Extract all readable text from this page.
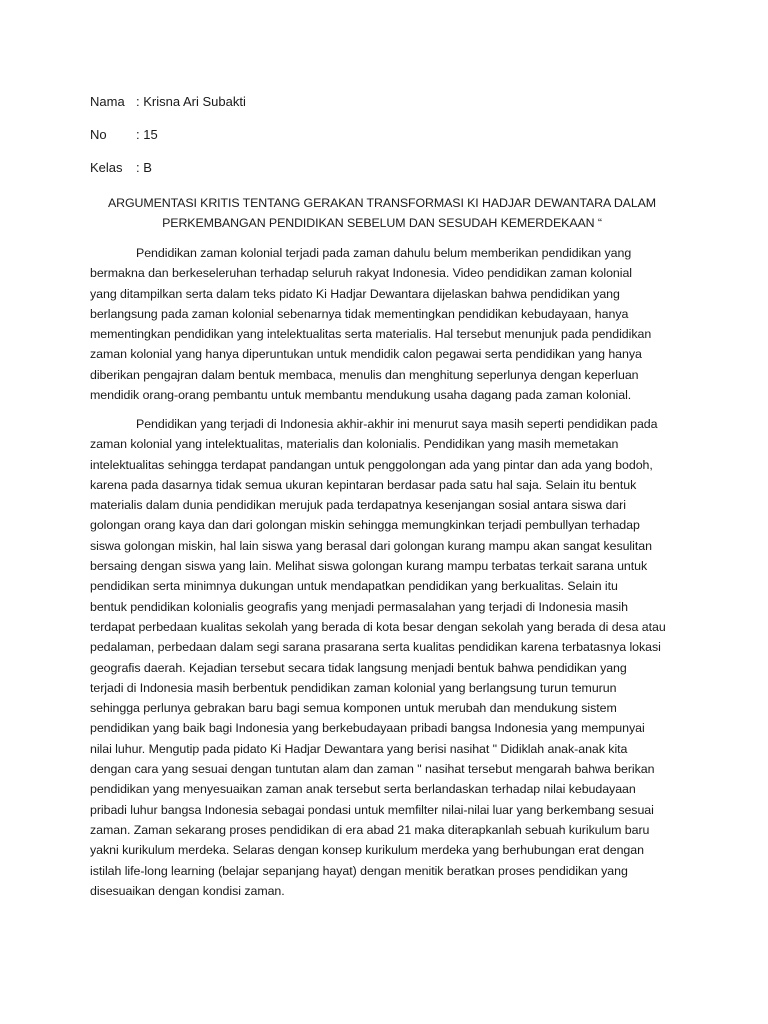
Nama : Krisna Ari Subakti
No : 15
Kelas : B
ARGUMENTASI KRITIS TENTANG GERAKAN TRANSFORMASI KI HADJAR DEWANTARA DALAM
PERKEMBANGAN PENDIDIKAN SEBELUM DAN SESUDAH KEMERDEKAAN “
Pendidikan zaman kolonial terjadi pada zaman dahulu belum memberikan pendidikan yang
bermakna dan berkeseleruhan terhadap seluruh rakyat Indonesia. Video pendidikan zaman kolonial
yang ditampilkan serta dalam teks pidato Ki Hadjar Dewantara dijelaskan bahwa pendidikan yang
berlangsung pada zaman kolonial sebenarnya tidak mementingkan pendidikan kebudayaan, hanya
mementingkan pendidikan yang intelektualitas serta materialis. Hal tersebut menunjuk pada pendidikan
zaman kolonial yang hanya diperuntukan untuk mendidik calon pegawai serta pendidikan yang hanya
diberikan pengajran dalam bentuk membaca, menulis dan menghitung seperlunya dengan keperluan
mendidik orang-orang pembantu untuk membantu mendukung usaha dagang pada zaman kolonial.
Pendidikan yang terjadi di Indonesia akhir-akhir ini menurut saya masih seperti pendidikan pada
zaman kolonial yang intelektualitas, materialis dan kolonialis. Pendidikan yang masih memetakan
intelektualitas sehingga terdapat pandangan untuk penggolongan ada yang pintar dan ada yang bodoh,
karena pada dasarnya tidak semua ukuran kepintaran berdasar pada satu hal saja. Selain itu bentuk
materialis dalam dunia pendidikan merujuk pada terdapatnya kesenjangan sosial antara siswa dari
golongan orang kaya dan dari golongan miskin sehingga memungkinkan terjadi pembullyan terhadap
siswa golongan miskin, hal lain siswa yang berasal dari golongan kurang mampu akan sangat kesulitan
bersaing dengan siswa yang lain. Melihat siswa golongan kurang mampu terbatas terkait sarana untuk
pendidikan serta minimnya dukungan untuk mendapatkan pendidikan yang berkualitas. Selain itu
bentuk pendidikan kolonialis geografis yang menjadi permasalahan yang terjadi di Indonesia masih
terdapat perbedaan kualitas sekolah yang berada di kota besar dengan sekolah yang berada di desa atau
pedalaman, perbedaan dalam segi sarana prasarana serta kualitas pendidikan karena terbatasnya lokasi
geografis daerah. Kejadian tersebut secara tidak langsung menjadi bentuk bahwa pendidikan yang
terjadi di Indonesia masih berbentuk pendidikan zaman kolonial yang berlangsung turun temurun
sehingga perlunya gebrakan baru bagi semua komponen untuk merubah dan mendukung sistem
pendidikan yang baik bagi Indonesia yang berkebudayaan pribadi bangsa Indonesia yang mempunyai
nilai luhur. Mengutip pada pidato Ki Hadjar Dewantara yang berisi nasihat " Didiklah anak-anak kita
dengan cara yang sesuai dengan tuntutan alam dan zaman " nasihat tersebut mengarah bahwa berikan
pendidikan yang menyesuaikan zaman anak tersebut serta berlandaskan terhadap nilai kebudayaan
pribadi luhur bangsa Indonesia sebagai pondasi untuk memfilter nilai-nilai luar yang berkembang sesuai
zaman. Zaman sekarang proses pendidikan di era abad 21 maka diterapkanlah sebuah kurikulum baru
yakni kurikulum merdeka. Selaras dengan konsep kurikulum merdeka yang berhubungan erat dengan
istilah life-long learning (belajar sepanjang hayat) dengan menitik beratkan proses pendidikan yang
disesuaikan dengan kondisi zaman.
